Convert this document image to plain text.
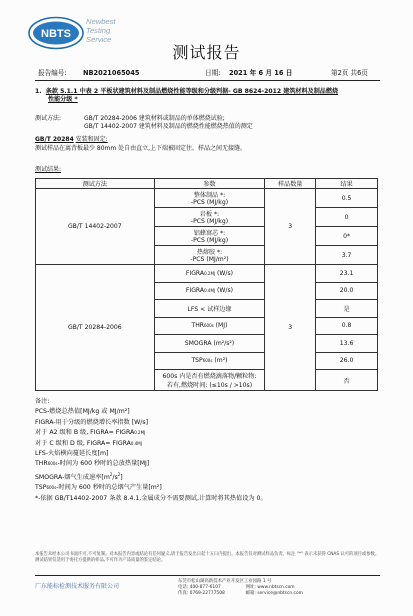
NBTS
Newbest
Testing
Service
测试报告
报告编号: NB2021065045	日期: 2021 年 6 月 16 日	第2页 共6页
1. 条款 5.1.1 中表 2 平板状建筑材料及制品燃烧性能等级和分级判据- GB 8624-2012 建筑材料及制品燃烧
性能分级 *
测试方法:	GB/T 20284-2006 建筑材料或制品的单体燃烧试验;
GB/T 14402-2007 建筑材料及制品的燃烧性能燃烧热值的测定
GB/T 20284 安装和固定:
测试样品在离背板最少 80mm 处自由直立,上下端被固定住。样品之间无接缝。
测试结果:
测试方法	参数	样品数量	结果
GB/T 14402-2007	整体制品 *:
-PCS (MJ/kg)	3	0.5

	岩板 *:
-PCS (MJ/kg)		0

	铝蜂窝芯 *:
-PCS (MJ/kg)		0*

	热熔胶 *:
-PCS (MJ/m²)		3.7
GB/T 20284-2006	FIGRA0.2MJ (W/s)	3	23.1
	FIGRA0.4MJ (W/s)		20.0
	LFS < 试样边缘		是
	THR600s (MJ)		0.8
	SMOGRA (m²/s²)		13.6
	TSP600s (m²)		26.0

	600s 内是否有燃烧滴落物/颗粒物:
若有,燃烧时间: (≤10s / >10s)		否
备注:
PCS-燃烧总热值[MJ/kg 或 MJ/m²]
FIGRA-用于分级的燃烧增长率指数 [W/s]
对于 A2 级和 B 级, FIGRA= FIGRA0.2MJ
对于 C 级和 D 级, FIGRA= FIGRA0.4MJ
LFS-火焰横向蔓延长度[m]
THR600s-时间为 600 秒时的总放热量[MJ]
SMOGRA-烟气生成速率$[m^2/s^2]$
TSP600s-时间为 600 秒时的总烟气产生量[m²]
*-依据 GB/T14402-2007 条款 8.4.1,金属成分不需要测试,计算时将其热值设为 0。
本报告未经本公司书面许可,不可复制。对本报告内容或结论有任何疑义,请于报告发出日起十五日内提出。本报告仅对测试样品负责。标注 "*" 表示未获得 CNAS 认可的项目或参数。
测试结果仅适用于委托方提供的样品,不可作为产品质量的鉴定结论。
广东能标检测技术服务有限公司
东莞市松山湖高新技术产业开发区工业园路 1 号
电话: 400-877-6107	网址: www.nbtscn.com
传真: 0769-22777508	邮箱: service@nbtscn.com
